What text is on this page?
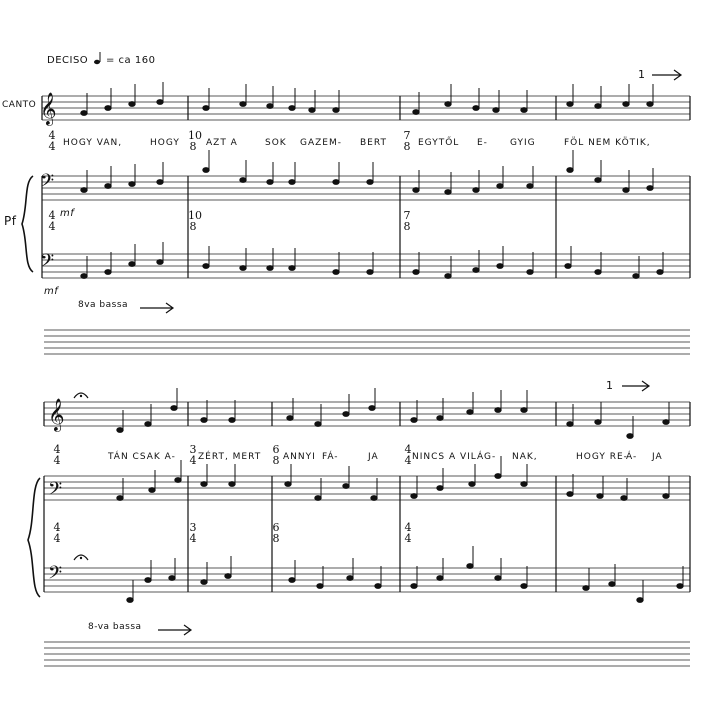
𝄞
𝄢
𝄢
𝄞
𝄢
𝄢
DECISO = ca 160
1
1
CANTO
Pf
HOGY VAN,	HOGY	AZT A	SOK GAZEM- BERT	EGYTŐL E- GYIG	FÖL NEM KÖTIK,
4
4
10
8
7
8
4
4
10
8
7
8
mf
mf
8va bassa
TÁN CSAK A- ZÉRT, MERT ANNYI FÁ-	JA	NINCS A VILÁG- NAK,	HOGY RE-
Á- JA
4
4
3
4
6
8
4
4
4
4
3
4
6
8
4
4
8-va bassa
